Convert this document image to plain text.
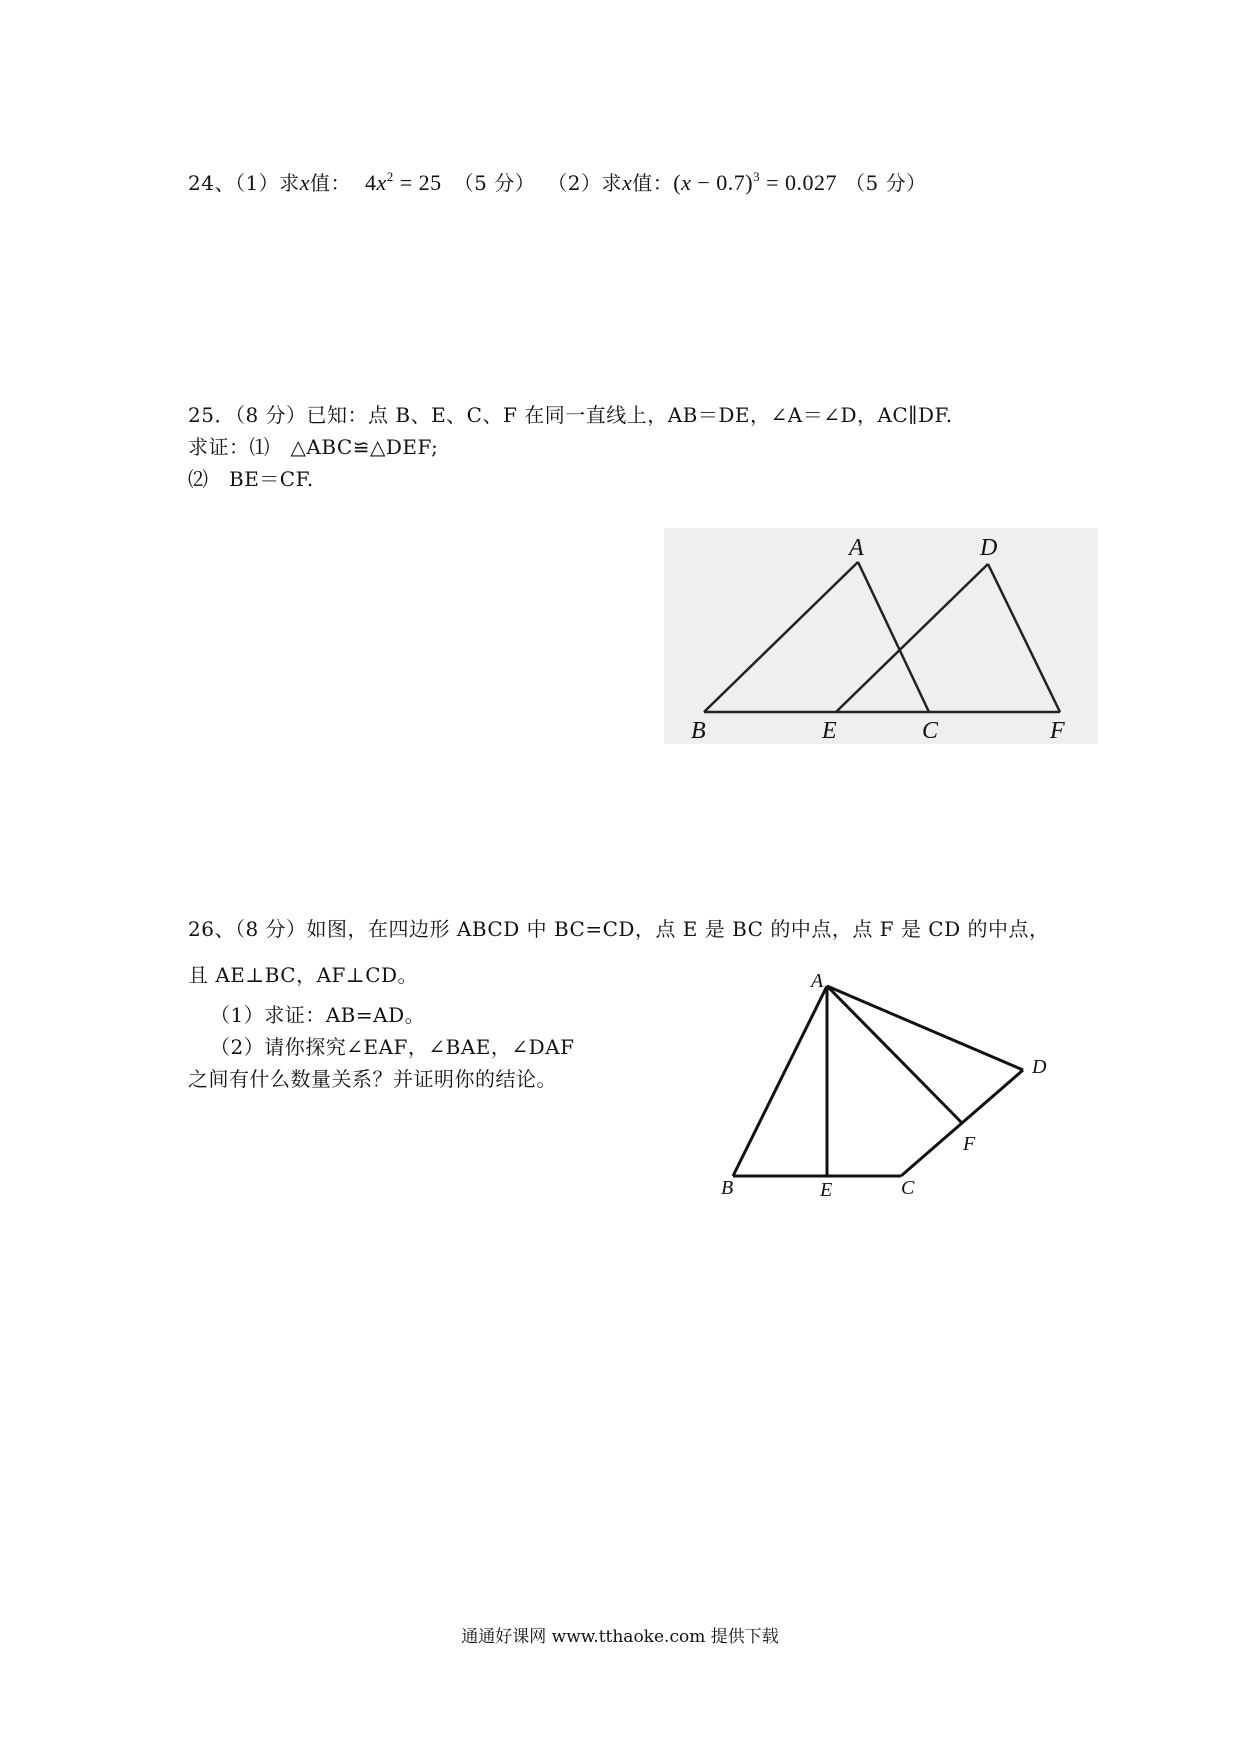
24、（1）求x值： $4x^2 = 25$ （5 分） （2）求x值：$(x - 0.7)^3 = 0.027$ （5 分）
25．（8 分）已知：点 B、E、C、F 在同一直线上，AB＝DE，∠A＝∠D，AC∥DF.
求证：⑴　△ABC≌△DEF;
⑵　BE＝CF.
A	D
B	E	C	F
26、（8 分）如图，在四边形 ABCD 中 BC=CD，点 E 是 BC 的中点，点 F 是 CD 的中点，
且 AE⊥BC，AF⊥CD。
（1）求证：AB=AD。
（2）请你探究∠EAF，∠BAE，∠DAF
之间有什么数量关系？并证明你的结论。
A
D
F
B	E	C
通通好课网 www.tthaoke.com 提供下载
